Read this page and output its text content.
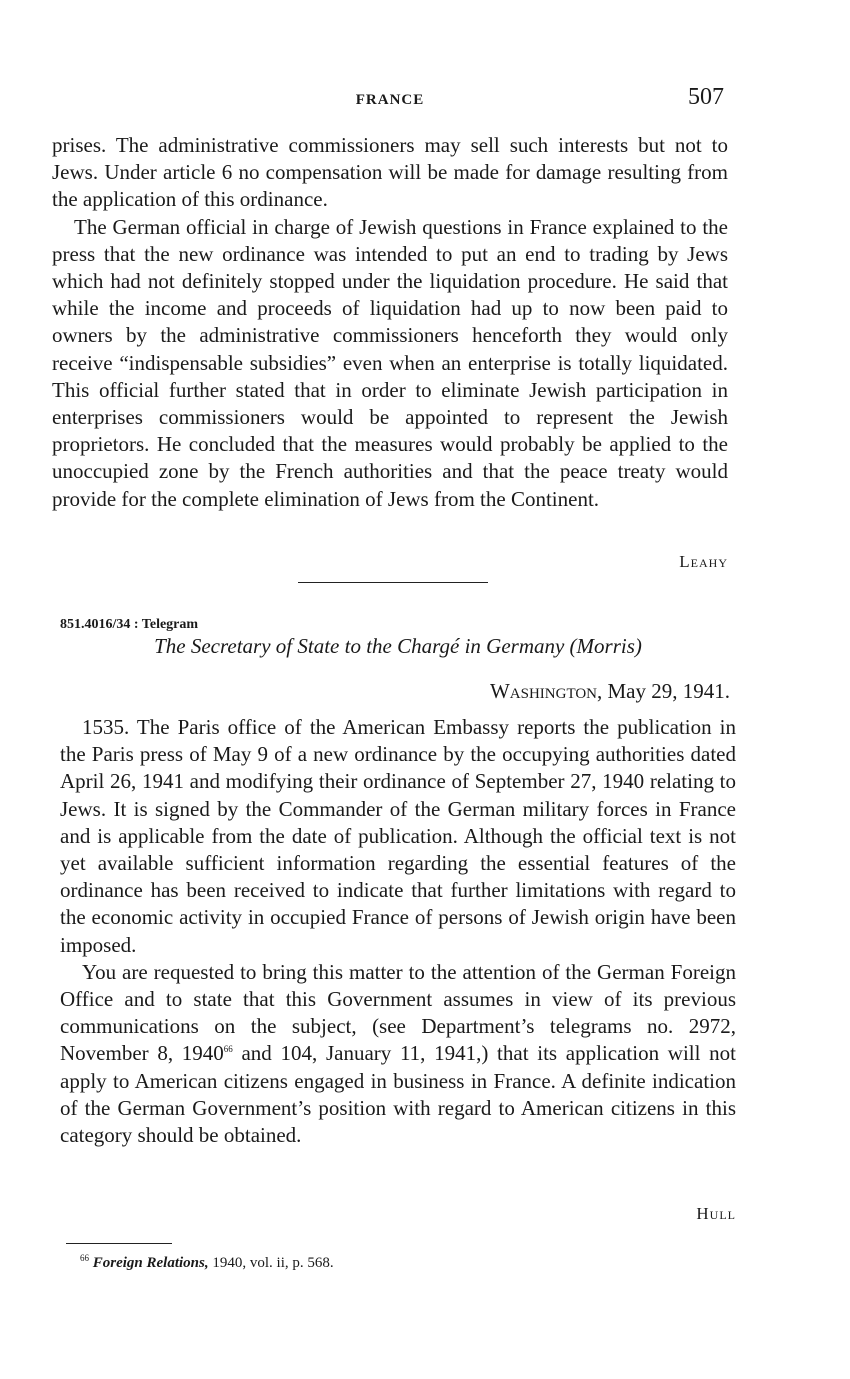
FRANCE	507

prises. The administrative commissioners may sell such interests but not to Jews. Under article 6 no compensation will be made for damage resulting from the application of this ordinance.

The German official in charge of Jewish questions in France explained to the press that the new ordinance was intended to put an end to trading by Jews which had not definitely stopped under the liquidation procedure. He said that while the income and proceeds of liquidation had up to now been paid to owners by the administrative commissioners henceforth they would only receive “indispensable subsidies” even when an enterprise is totally liquidated. This official further stated that in order to eliminate Jewish participation in enterprises commissioners would be appointed to represent the Jewish proprietors. He concluded that the measures would probably be applied to the unoccupied zone by the French authorities and that the peace treaty would provide for the complete elimination of Jews from the Continent.

Leahy
851.4016/34 : Telegram
The Secretary of State to the Chargé in Germany (Morris)
Washington, May 29, 1941.

1535. The Paris office of the American Embassy reports the publication in the Paris press of May 9 of a new ordinance by the occupying authorities dated April 26, 1941 and modifying their ordinance of September 27, 1940 relating to Jews. It is signed by the Commander of the German military forces in France and is applicable from the date of publication. Although the official text is not yet available sufficient information regarding the essential features of the ordinance has been received to indicate that further limitations with regard to the economic activity in occupied France of persons of Jewish origin have been imposed.

You are requested to bring this matter to the attention of the German Foreign Office and to state that this Government assumes in view of its previous communications on the subject, (see Department’s telegrams no. 2972, November 8, 1940$^{66}$ and 104, January 11, 1941,) that its application will not apply to American citizens engaged in business in France. A definite indication of the German Government’s position with regard to American citizens in this category should be obtained.

Hull
$^{66}$ Foreign Relations, 1940, vol. ii, p. 568.
